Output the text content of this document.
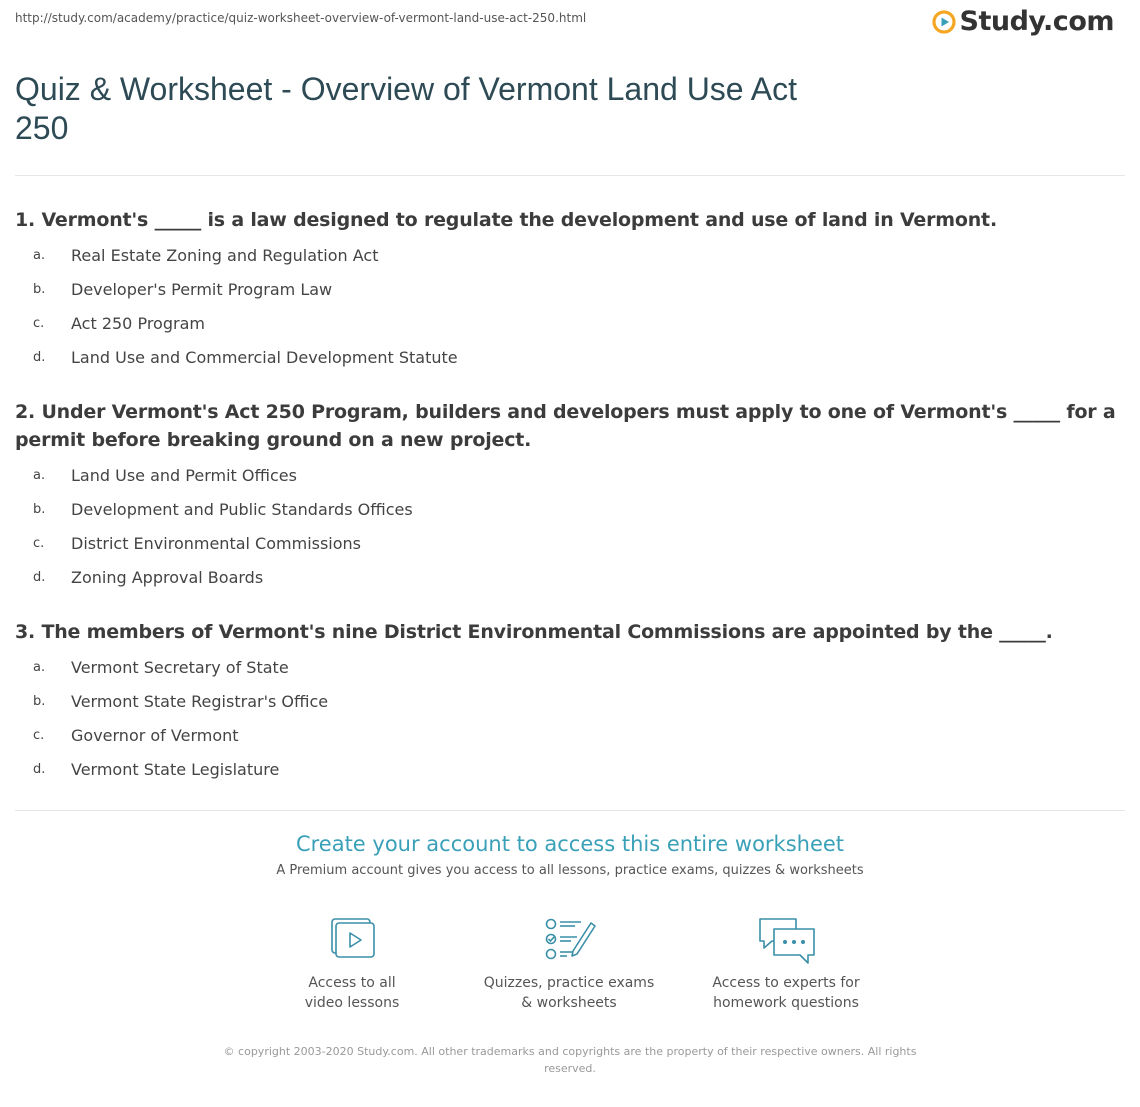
http://study.com/academy/practice/quiz-worksheet-overview-of-vermont-land-use-act-250.html	Study.com
Quiz & Worksheet - Overview of Vermont Land Use Act 250
1. Vermont's _____ is a law designed to regulate the development and use of land in Vermont.
a.	Real Estate Zoning and Regulation Act
b.	Developer's Permit Program Law
c.	Act 250 Program
d.	Land Use and Commercial Development Statute
2. Under Vermont's Act 250 Program, builders and developers must apply to one of Vermont's _____ for a permit before breaking ground on a new project.
a.	Land Use and Permit Offices
b.	Development and Public Standards Offices
c.	District Environmental Commissions
d.	Zoning Approval Boards
3. The members of Vermont's nine District Environmental Commissions are appointed by the _____.
a.	Vermont Secretary of State
b.	Vermont State Registrar's Office
c.	Governor of Vermont
d.	Vermont State Legislature
Create your account to access this entire worksheet
A Premium account gives you access to all lessons, practice exams, quizzes & worksheets
Access to all
video lessons
Quizzes, practice exams
& worksheets
Access to experts for
homework questions
© copyright 2003-2020 Study.com. All other trademarks and copyrights are the property of their respective owners. All rights reserved.
